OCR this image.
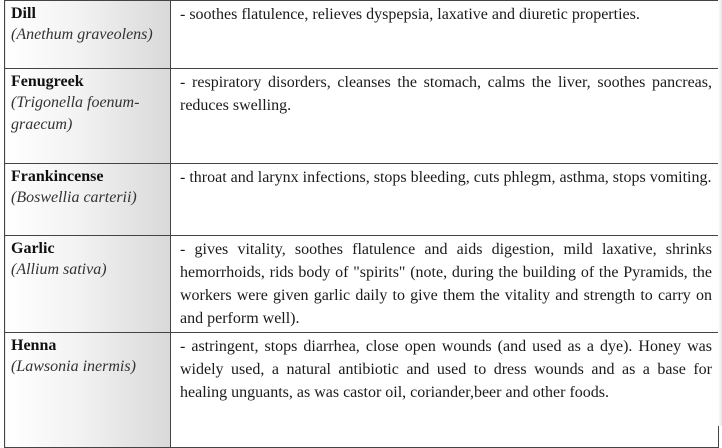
Dill
(Anethum graveolens)	- soothes flatulence, relieves dyspepsia, laxative and diuretic properties.

Fenugreek
(Trigonella foenum-graecum)	- respiratory disorders, cleanses the stomach, calms the liver, soothes pancreas, reduces swelling.

Frankincense
(Boswellia carterii)	- throat and larynx infections, stops bleeding, cuts phlegm, asthma, stops vomiting.

Garlic
(Allium sativa)	- gives vitality, soothes flatulence and aids digestion, mild laxative, shrinks hemorrhoids, rids body of "spirits" (note, during the building of the Pyramids, the workers were given garlic daily to give them the vitality and strength to carry on and perform well).

Henna
(Lawsonia inermis)	- astringent, stops diarrhea, close open wounds (and used as a dye). Honey was widely used, a natural antibiotic and used to dress wounds and as a base for healing unguants, as was castor oil, coriander,beer and other foods.
